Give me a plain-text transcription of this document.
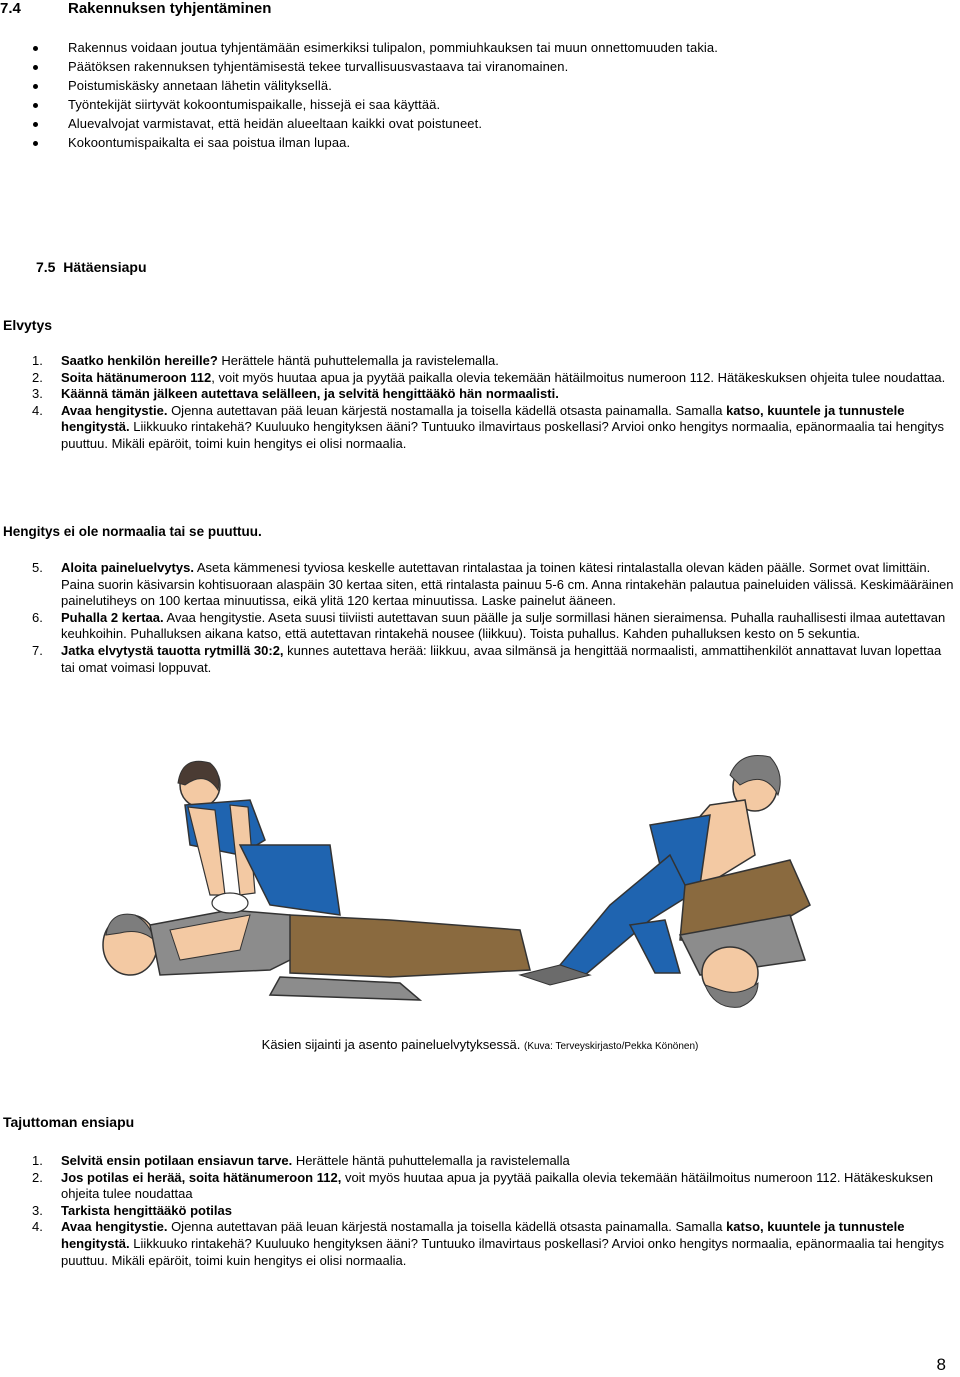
7.4	Rakennuksen tyhjentäminen
Rakennus voidaan joutua tyhjentämään esimerkiksi tulipalon, pommiuhkauksen tai muun onnettomuuden takia.
Päätöksen rakennuksen tyhjentämisestä tekee turvallisuusvastaava tai viranomainen.
Poistumiskäsky annetaan lähetin välityksellä.
Työntekijät siirtyvät kokoontumispaikalle, hissejä ei saa käyttää.
Aluevalvojat varmistavat, että heidän alueeltaan kaikki ovat poistuneet.
Kokoontumispaikalta ei saa poistua ilman lupaa.
7.5 Hätäensiapu
Elvytys
1. Saatko henkilön hereille? Herättele häntä puhuttelemalla ja ravistelemalla.
2. Soita hätänumeroon 112, voit myös huutaa apua ja pyytää paikalla olevia tekemään hätäilmoitus numeroon 112. Hätäkeskuksen ohjeita tulee noudattaa.
3. Käännä tämän jälkeen autettava selälleen, ja selvitä hengittääkö hän normaalisti.
4. Avaa hengitystie. Ojenna autettavan pää leuan kärjestä nostamalla ja toisella kädellä otsasta painamalla. Samalla katso, kuuntele ja tunnustele hengitystä. Liikkuuko rintakehä? Kuuluuko hengityksen ääni? Tuntuuko ilmavirtaus poskellasi? Arvioi onko hengitys normaalia, epänormaalia tai hengitys puuttuu. Mikäli epäröit, toimi kuin hengitys ei olisi normaalia.
Hengitys ei ole normaalia tai se puuttuu.
5. Aloita paineluelvytys. Aseta kämmenesi tyviosa keskelle autettavan rintalastaa ja toinen kätesi rintalastalla olevan käden päälle. Sormet ovat limittäin. Paina suorin käsivarsin kohtisuoraan alaspäin 30 kertaa siten, että rintalasta painuu 5-6 cm. Anna rintakehän palautua paineluiden välissä. Keskimääräinen painelutiheys on 100 kertaa minuutissa, eikä ylitä 120 kertaa minuutissa. Laske painelut ääneen.
6. Puhalla 2 kertaa. Avaa hengitystie. Aseta suusi tiiviisti autettavan suun päälle ja sulje sormillasi hänen sieraimensa. Puhalla rauhallisesti ilmaa autettavan keuhkoihin. Puhalluksen aikana katso, että autettavan rintakehä nousee (liikkuu). Toista puhallus. Kahden puhalluksen kesto on 5 sekuntia.
7. Jatka elvytystä tauotta rytmillä 30:2, kunnes autettava herää: liikkuu, avaa silmänsä ja hengittää normaalisti, ammattihenkilöt annattavat luvan lopettaa tai omat voimasi loppuvat.
Käsien sijainti ja asento paineluelvytyksessä. (Kuva: Terveyskirjasto/Pekka Könönen)
Tajuttoman ensiapu
1. Selvitä ensin potilaan ensiavun tarve. Herättele häntä puhuttelemalla ja ravistelemalla
2. Jos potilas ei herää, soita hätänumeroon 112, voit myös huutaa apua ja pyytää paikalla olevia tekemään hätäilmoitus numeroon 112. Hätäkeskuksen ohjeita tulee noudattaa
3. Tarkista hengittääkö potilas
4. Avaa hengitystie. Ojenna autettavan pää leuan kärjestä nostamalla ja toisella kädellä otsasta painamalla. Samalla katso, kuuntele ja tunnustele hengitystä. Liikkuuko rintakehä? Kuuluuko hengityksen ääni? Tuntuuko ilmavirtaus poskellasi? Arvioi onko hengitys normaalia, epänormaalia tai hengitys puuttuu. Mikäli epäröit, toimi kuin hengitys ei olisi normaalia.
8
